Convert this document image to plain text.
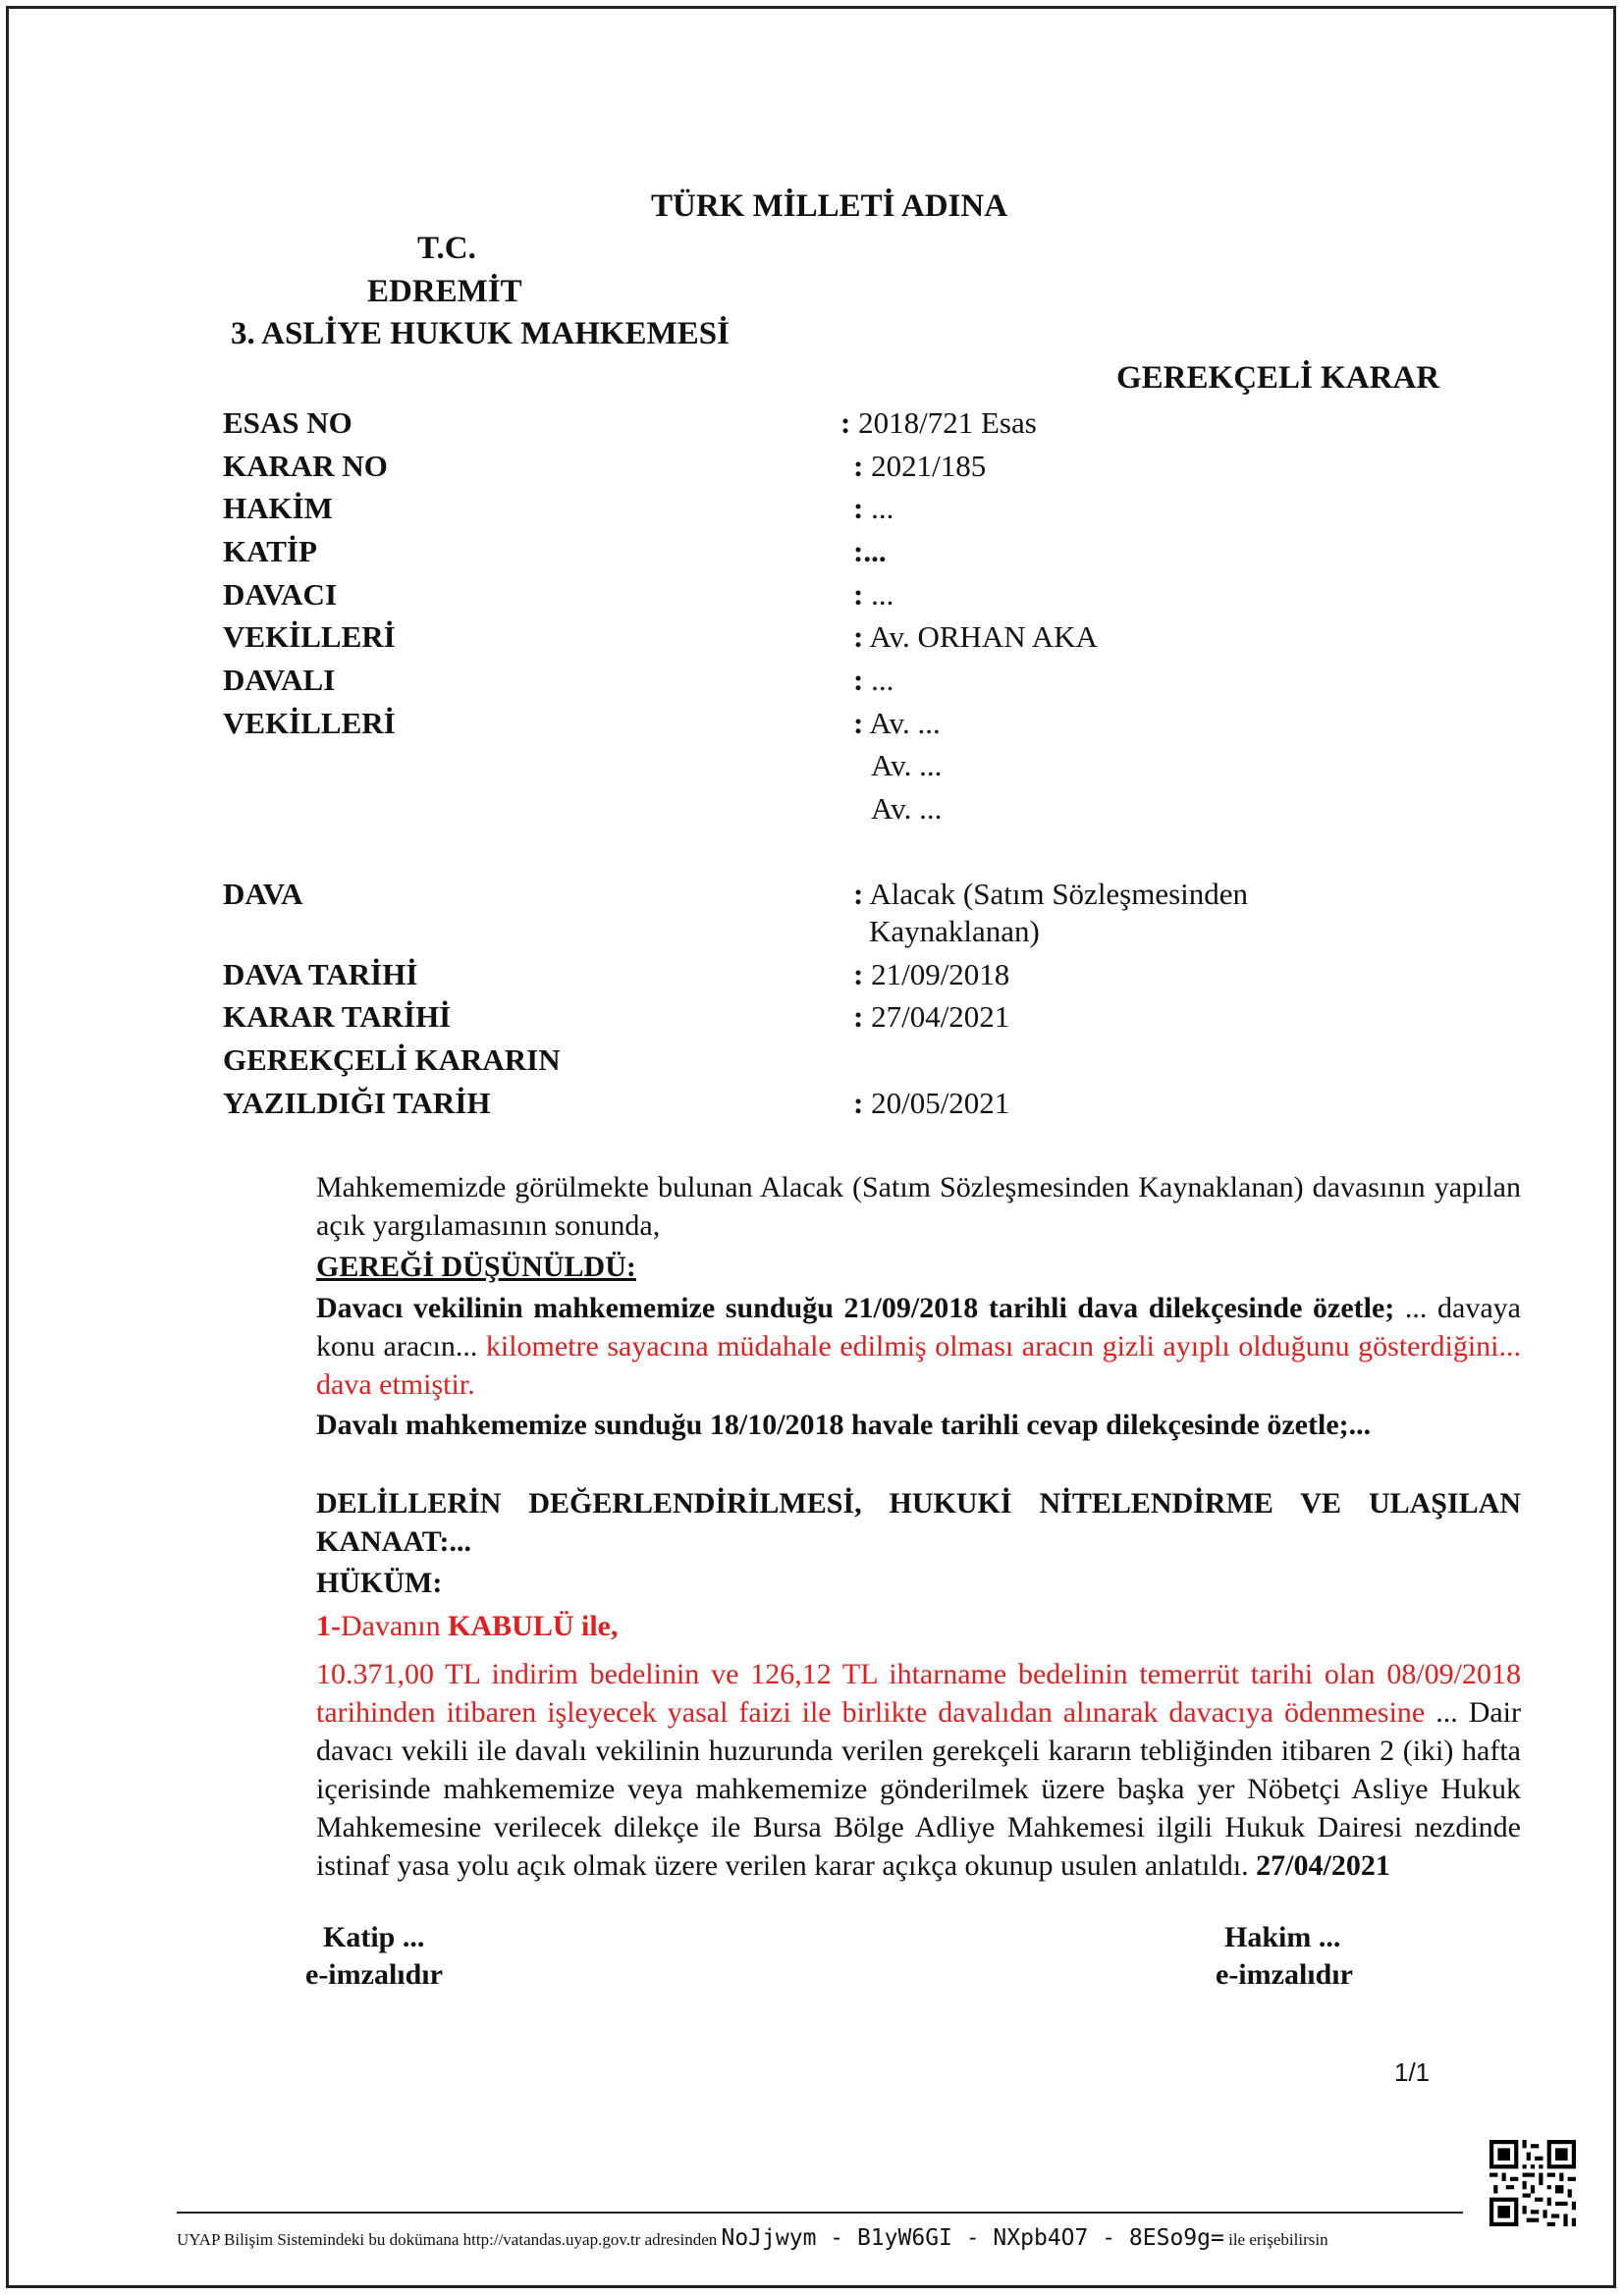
TÜRK MİLLETİ ADINA
T.C.
EDREMİT
3. ASLİYE HUKUK MAHKEMESİ
GEREKÇELİ KARAR
ESAS NO	: 2018/721 Esas
KARAR NO	: 2021/185
HAKİM	: ...
KATİP	:...
DAVACI	: ...
VEKİLLERİ	: Av. ORHAN AKA
DAVALI	: ...
VEKİLLERİ	: Av. ...
Av. ...
Av. ...
DAVA	: Alacak (Satım Sözleşmesinden
Kaynaklanan)
DAVA TARİHİ	: 21/09/2018
KARAR TARİHİ	: 27/04/2021
GEREKÇELİ KARARIN
YAZILDIĞI TARİH	: 20/05/2021
Mahkememizde görülmekte bulunan Alacak (Satım Sözleşmesinden Kaynaklanan) davasının yapılan açık yargılamasının sonunda,
GEREĞİ DÜŞÜNÜLDÜ:
Davacı vekilinin mahkememize sunduğu 21/09/2018 tarihli dava dilekçesinde özetle; ... davaya konu aracın... kilometre sayacına müdahale edilmiş olması aracın gizli ayıplı olduğunu gösterdiğini... dava etmiştir.
Davalı mahkememize sunduğu 18/10/2018 havale tarihli cevap dilekçesinde özetle;...
DELİLLERİN DEĞERLENDİRİLMESİ, HUKUKİ NİTELENDİRME VE ULAŞILAN KANAAT:...
HÜKÜM:
1-Davanın KABULÜ ile,
10.371,00 TL indirim bedelinin ve 126,12 TL ihtarname bedelinin temerrüt tarihi olan 08/09/2018 tarihinden itibaren işleyecek yasal faizi ile birlikte davalıdan alınarak davacıya ödenmesine ... Dair davacı vekili ile davalı vekilinin huzurunda verilen gerekçeli kararın tebliğinden itibaren 2 (iki) hafta içerisinde mahkememize veya mahkememize gönderilmek üzere başka yer Nöbetçi Asliye Hukuk Mahkemesine verilecek dilekçe ile Bursa Bölge Adliye Mahkemesi ilgili Hukuk Dairesi nezdinde istinaf yasa yolu açık olmak üzere verilen karar açıkça okunup usulen anlatıldı. 27/04/2021
Katip ...
e-imzalıdır
Hakim ...
e-imzalıdır
1/1
UYAP Bilişim Sistemindeki bu dokümana http://vatandas.uyap.gov.tr adresinden NoJjwym - B1yW6GI - NXpb4O7 - 8ESo9g= ile erişebilirsin
